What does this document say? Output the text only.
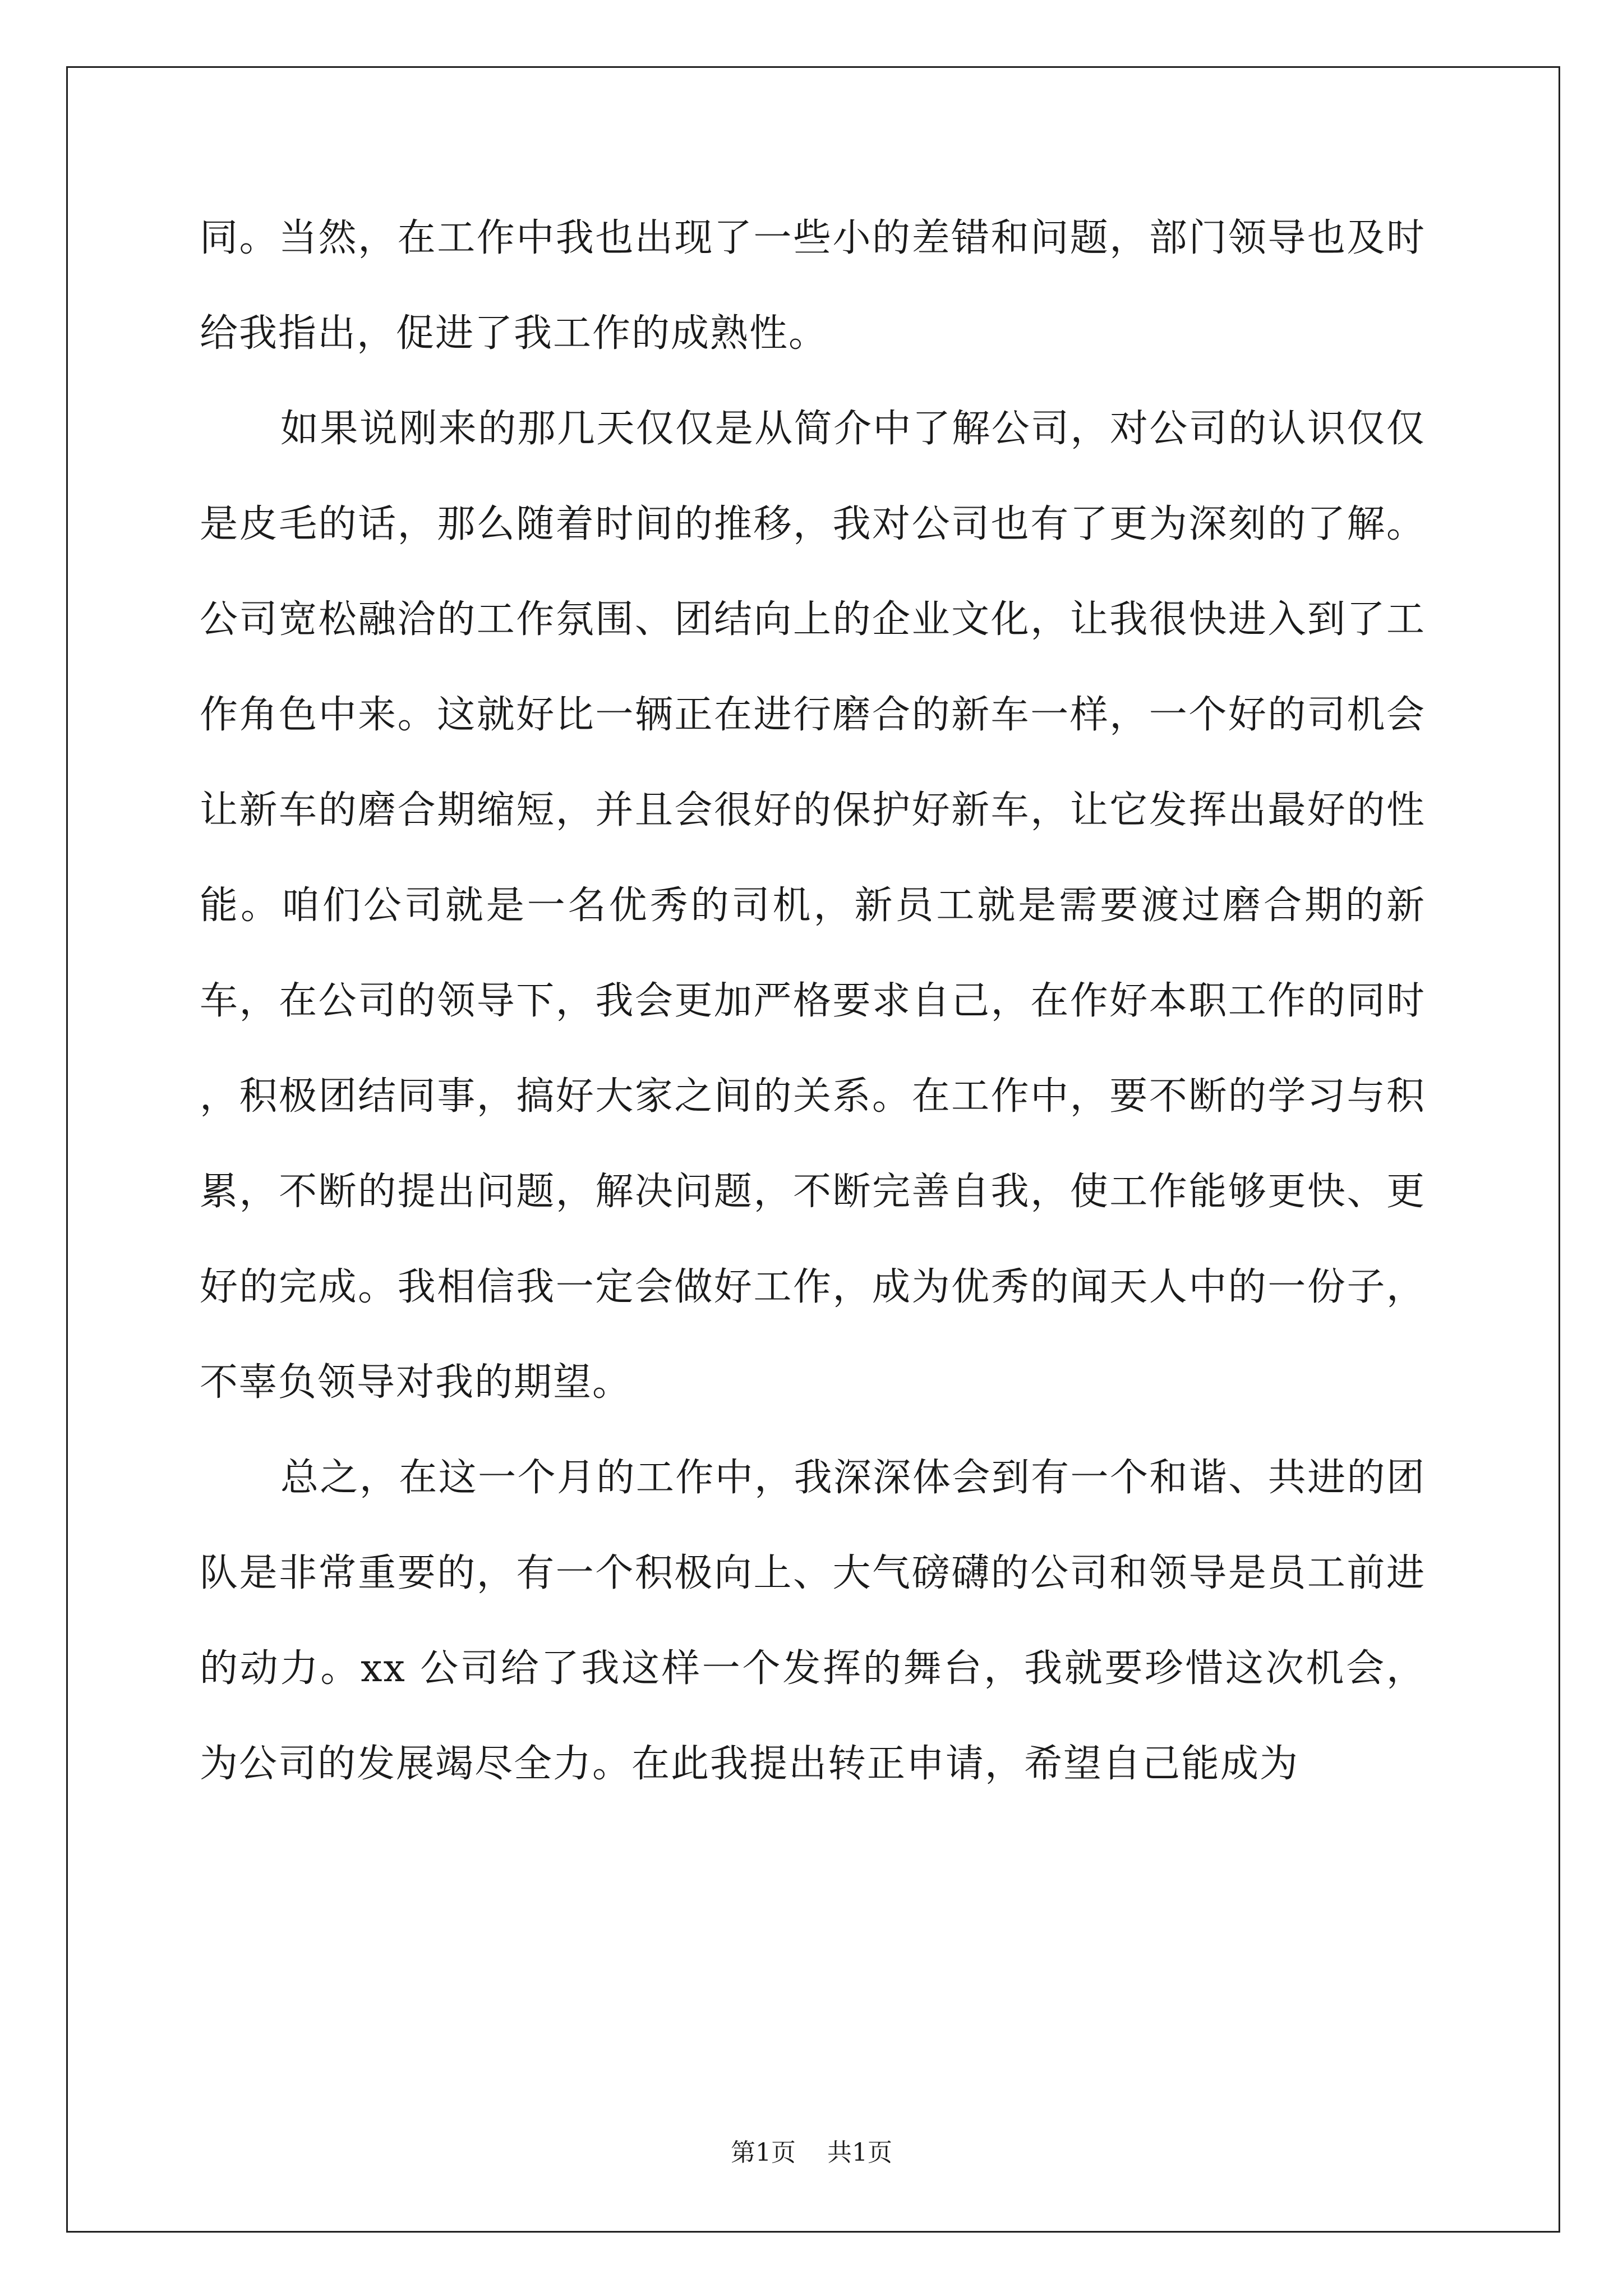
同。当然，在工作中我也出现了一些小的差错和问题，部门领导也及时给我指出，促进了我工作的成熟性。

如果说刚来的那几天仅仅是从简介中了解公司，对公司的认识仅仅是皮毛的话，那么随着时间的推移，我对公司也有了更为深刻的了解。公司宽松融洽的工作氛围、团结向上的企业文化，让我很快进入到了工作角色中来。这就好比一辆正在进行磨合的新车一样，一个好的司机会让新车的磨合期缩短，并且会很好的保护好新车，让它发挥出最好的性能。咱们公司就是一名优秀的司机，新员工就是需要渡过磨合期的新车，在公司的领导下，我会更加严格要求自己，在作好本职工作的同时 ，积极团结同事，搞好大家之间的关系。在工作中，要不断的学习与积累，不断的提出问题，解决问题，不断完善自我，使工作能够更快、更好的完成。我相信我一定会做好工作，成为优秀的闻天人中的一份子，不辜负领导对我的期望。

总之，在这一个月的工作中，我深深体会到有一个和谐、共进的团队是非常重要的，有一个积极向上、大气磅礴的公司和领导是员工前进的动力。xx 公司给了我这样一个发挥的舞台，我就要珍惜这次机会，为公司的发展竭尽全力。在此我提出转正申请，希望自己能成为

第1页 共1页
